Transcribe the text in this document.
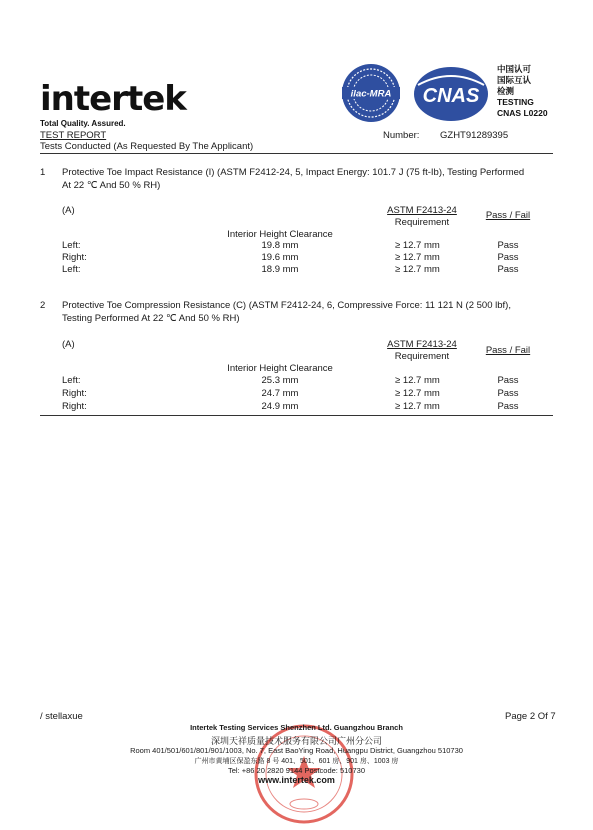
intertek
Total Quality. Assured.
ilac-MRA CNAS
中国认可
国际互认
检测
TESTING
CNAS L0220
TEST REPORT
Tests Conducted (As Requested By The Applicant)
Number: GZHT91289395
1 Protective Toe Impact Resistance (I) (ASTM F2412-24, 5, Impact Energy: 101.7 J (75 ft-Ib), Testing Performed
At 22 ℃ And 50 % RH)
(A)	ASTM F2413-24
Requirement
Pass / Fail
Interior Height Clearance
Left:	19.8 mm	≥ 12.7 mm	Pass
Right:	19.6 mm	≥ 12.7 mm	Pass
Left:	18.9 mm	≥ 12.7 mm	Pass
2 Protective Toe Compression Resistance (C) (ASTM F2412-24, 6, Compressive Force: 11 121 N (2 500 lbf),
Testing Performed At 22 ℃ And 50 % RH)
(A)	ASTM F2413-24
Requirement
Pass / Fail
Interior Height Clearance
Left:	25.3 mm	≥ 12.7 mm	Pass
Right:	24.7 mm	≥ 12.7 mm	Pass
Right:	24.9 mm	≥ 12.7 mm	Pass
/ stellaxue	Page 2 Of 7
Intertek Testing Services Shenzhen Ltd. Guangzhou Branch
深圳天祥质量技术服务有限公司广州分公司
Room 401/501/601/801/901/1003, No. 7, East BaoYing Road, Huangpu District, Guangzhou 510730
广州市黄埔区保盈东路 8 号 401、501、601 房、901 房、1003 房
Tel: +86 20 2820 9144 Postcode: 510730
www.intertek.com
